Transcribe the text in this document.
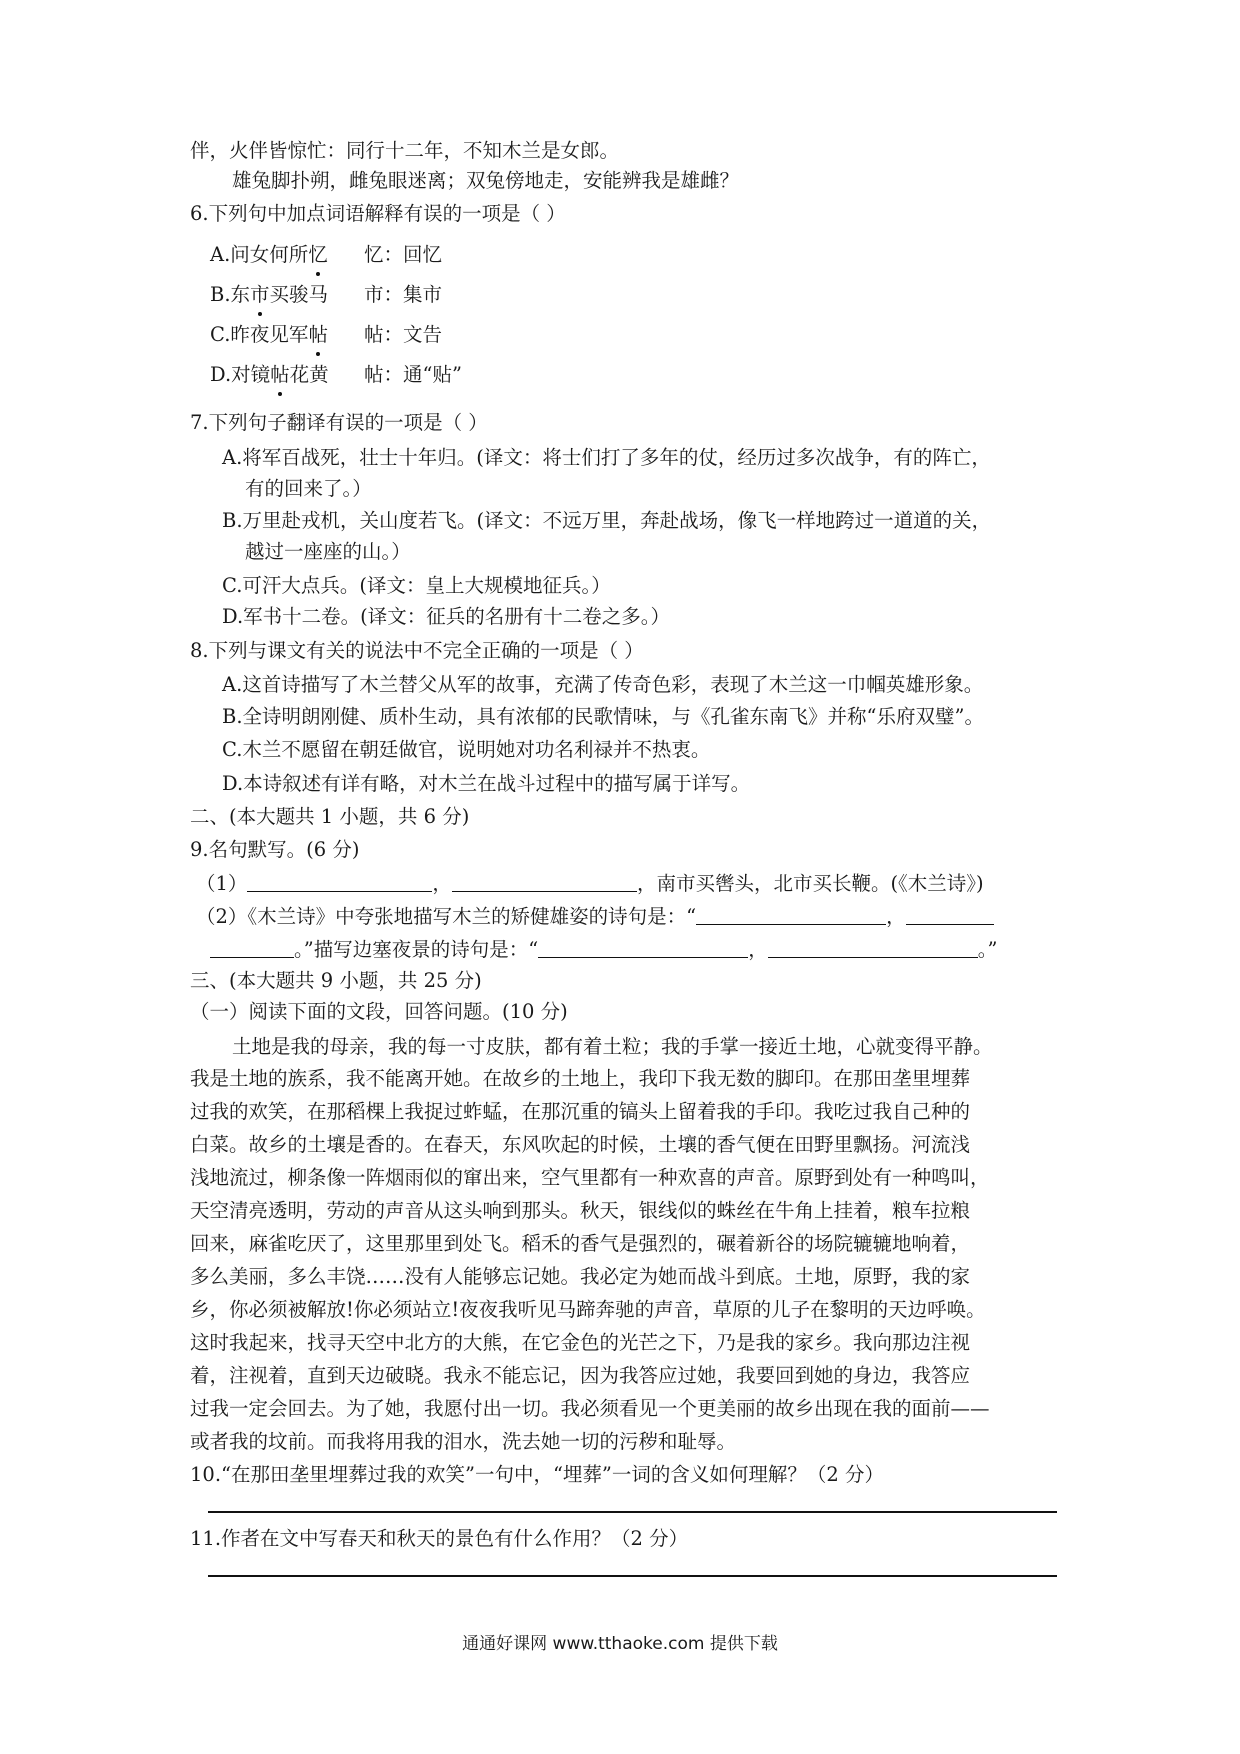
伴，火伴皆惊忙：同行十二年，不知木兰是女郎。
雄兔脚扑朔，雌兔眼迷离；双兔傍地走，安能辨我是雄雌？
6.下列句中加点词语解释有误的一项是（ ）
A.问女何所忆 忆：回忆
B.东市买骏马 市：集市
C.昨夜见军帖 帖：文告
D.对镜帖花黄 帖：通“贴”
7.下列句子翻译有误的一项是（ ）
A.将军百战死，壮士十年归。(译文：将士们打了多年的仗，经历过多次战争，有的阵亡，
有的回来了。）
B.万里赴戎机，关山度若飞。(译文：不远万里，奔赴战场，像飞一样地跨过一道道的关，
越过一座座的山。）
C.可汗大点兵。(译文：皇上大规模地征兵。）
D.军书十二卷。(译文：征兵的名册有十二卷之多。）
8.下列与课文有关的说法中不完全正确的一项是（ ）
A.这首诗描写了木兰替父从军的故事，充满了传奇色彩，表现了木兰这一巾帼英雄形象。
B.全诗明朗刚健、质朴生动，具有浓郁的民歌情味，与《孔雀东南飞》并称“乐府双璧”。
C.木兰不愿留在朝廷做官，说明她对功名利禄并不热衷。
D.本诗叙述有详有略，对木兰在战斗过程中的描写属于详写。
二、(本大题共 1 小题，共 6 分)
9.名句默写。(6 分)
（1）	，	，南市买辔头，北市买长鞭。(《木兰诗》)
（2）《木兰诗》中夸张地描写木兰的矫健雄姿的诗句是：“	，
。”描写边塞夜景的诗句是：“	，	。”
三、(本大题共 9 小题，共 25 分)
（一）阅读下面的文段，回答问题。(10 分)
土地是我的母亲，我的每一寸皮肤，都有着土粒；我的手掌一接近土地，心就变得平静。
我是土地的族系，我不能离开她。在故乡的土地上，我印下我无数的脚印。在那田垄里埋葬
过我的欢笑，在那稻棵上我捉过蚱蜢，在那沉重的镐头上留着我的手印。我吃过我自己种的
白菜。故乡的土壤是香的。在春天，东风吹起的时候，土壤的香气便在田野里飘扬。河流浅
浅地流过，柳条像一阵烟雨似的窜出来，空气里都有一种欢喜的声音。原野到处有一种鸣叫，
天空清亮透明，劳动的声音从这头响到那头。秋天，银线似的蛛丝在牛角上挂着，粮车拉粮
回来，麻雀吃厌了，这里那里到处飞。稻禾的香气是强烈的，碾着新谷的场院辘辘地响着，
多么美丽，多么丰饶……没有人能够忘记她。我必定为她而战斗到底。土地，原野，我的家
乡，你必须被解放!你必须站立!夜夜我听见马蹄奔驰的声音，草原的儿子在黎明的天边呼唤。
这时我起来，找寻天空中北方的大熊，在它金色的光芒之下，乃是我的家乡。我向那边注视
着，注视着，直到天边破晓。我永不能忘记，因为我答应过她，我要回到她的身边，我答应
过我一定会回去。为了她，我愿付出一切。我必须看见一个更美丽的故乡出现在我的面前——
或者我的坟前。而我将用我的泪水，洗去她一切的污秽和耻辱。
10.“在那田垄里埋葬过我的欢笑”一句中，“埋葬”一词的含义如何理解？（2 分）
11.作者在文中写春天和秋天的景色有什么作用？（2 分）
通通好课网 www.tthaoke.com 提供下载
